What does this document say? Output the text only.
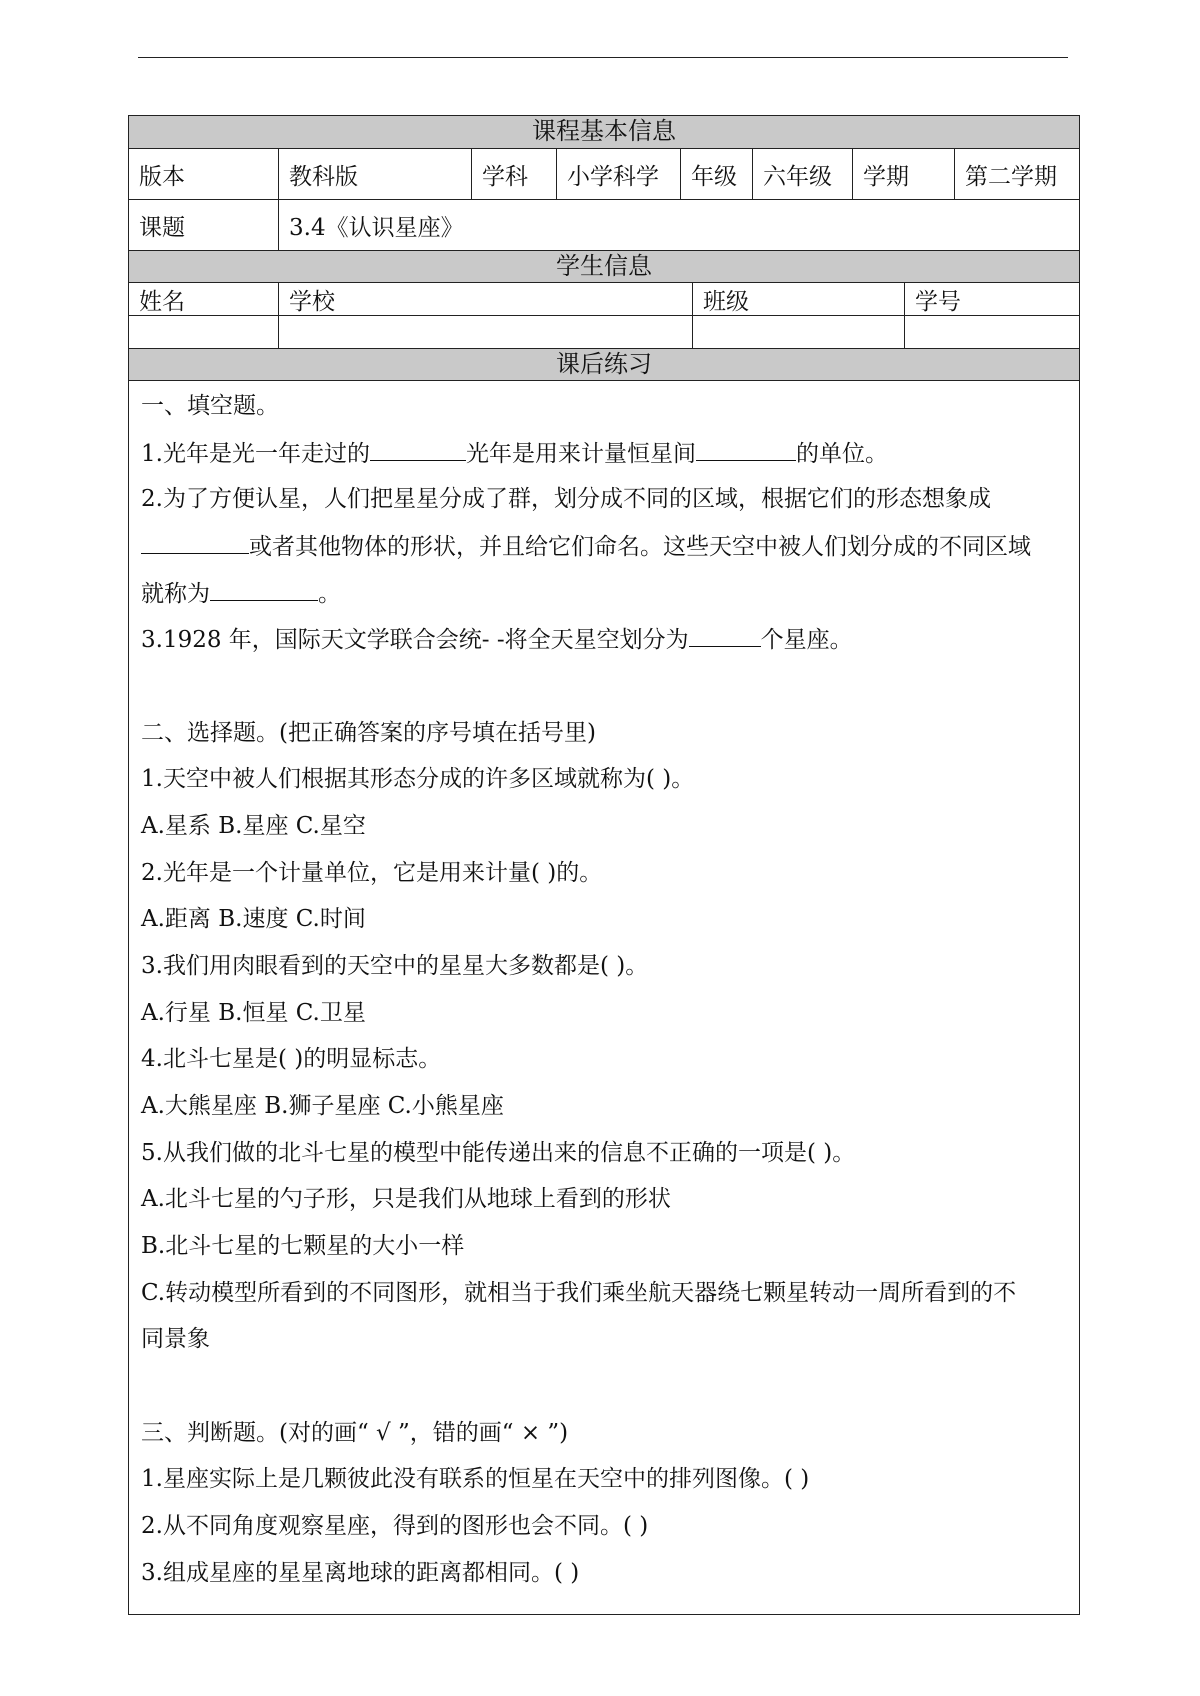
课程基本信息
版本	教科版	学科	小学科学	年级	六年级	学期	第二学期
课题	3.4《认识星座》
学生信息
姓名	学校	班级	学号
课后练习
一、填空题。
1.光年是光一年走过的	光年是用来计量恒星间	的单位。
2.为了方便认星，人们把星星分成了群，划分成不同的区域，根据它们的形态想象成
或者其他物体的形状，并且给它们命名。这些天空中被人们划分成的不同区域
就称为	。
3.1928 年，国际天文学联合会统- -将全天星空划分为	个星座。
二、选择题。(把正确答案的序号填在括号里)
1.天空中被人们根据其形态分成的许多区域就称为( )。
A.星系 B.星座 C.星空
2.光年是一个计量单位，它是用来计量( )的。
A.距离 B.速度 C.时间
3.我们用肉眼看到的天空中的星星大多数都是( )。
A.行星 B.恒星 C.卫星
4.北斗七星是( )的明显标志。
A.大熊星座 B.狮子星座 C.小熊星座
5.从我们做的北斗七星的模型中能传递出来的信息不正确的一项是( )。
A.北斗七星的勺子形，只是我们从地球上看到的形状
B.北斗七星的七颗星的大小一样
C.转动模型所看到的不同图形，就相当于我们乘坐航天器绕七颗星转动一周所看到的不
同景象
三、判断题。(对的画“ √ ”，错的画“ × ”)
1.星座实际上是几颗彼此没有联系的恒星在天空中的排列图像。( )
2.从不同角度观察星座，得到的图形也会不同。( )
3.组成星座的星星离地球的距离都相同。( )
